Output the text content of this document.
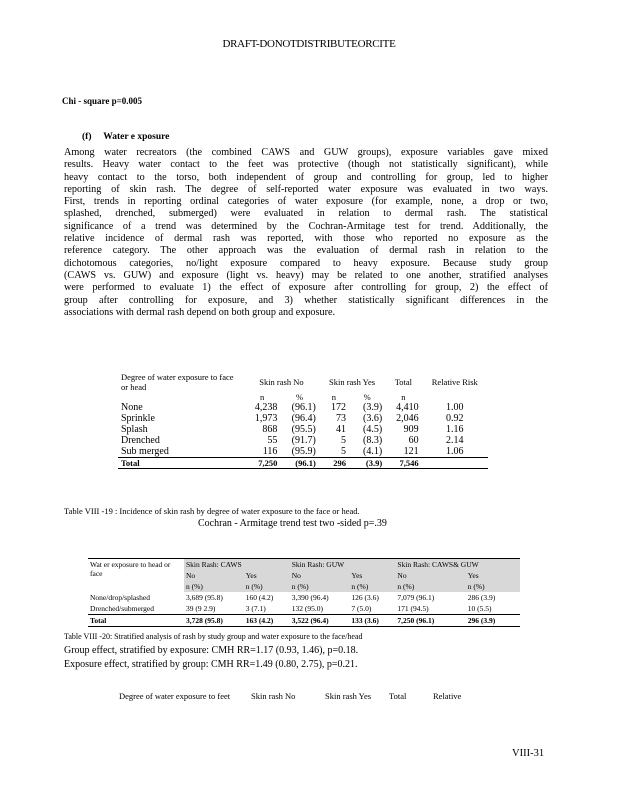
DRAFT-DONOTDISTRIBUTEORCITE
Chi - square p=0.005
(f) Water e xposure
Among water recreators (the combined CAWS and GUW groups), exposure variables gave mixed
results. Heavy water contact to the feet was protective (though not statistically significant), while
heavy contact to the torso, both independent of group and controlling for group, led to higher
reporting of skin rash. The degree of self-reported water exposure was evaluated in two ways.
First, trends in reporting ordinal categories of water exposure (for example, none, a drop or two,
splashed, drenched, submerged) were evaluated in relation to dermal rash. The statistical
significance of a trend was determined by the Cochran-Armitage test for trend. Additionally, the
relative incidence of dermal rash was reported, with those who reported no exposure as the
reference category. The other approach was the evaluation of dermal rash in relation to the
dichotomous categories, no/light exposure compared to heavy exposure. Because study group
(CAWS vs. GUW) and exposure (light vs. heavy) may be related to one another, stratified analyses
were performed to evaluate 1) the effect of exposure after controlling for group, 2) the effect of
group after controlling for exposure, and 3) whether statistically significant differences in the
associations with dermal rash depend on both group and exposure.
Degree of water exposure to face or head	Skin rash No		Skin rash Yes		Total	Relative Risk
	n	%	n	%	n	
None	4,238	(96.1)	172	(3.9)	4,410	1.00
Sprinkle	1,973	(96.4)	73	(3.6)	2,046	0.92
Splash	868	(95.5)	41	(4.5)	909	1.16
Drenched	55	(91.7)	5	(8.3)	60	2.14
Sub merged	116	(95.9)	5	(4.1)	121	1.06
Total	7,250	(96.1)	296	(3.9)	7,546	
Table VIII -19 : Incidence of skin rash by degree of water exposure to the face or head.
Cochran - Armitage trend test two -sided p=.39
Wat er exposure to head or face	Skin Rash: CAWS		Skin Rash: GUW		Skin Rash: CAWS& GUW	
	No	Yes	No	Yes	No	Yes
	n (%)	n (%)	n (%)	n (%)	n (%)	n (%)
None/drop/splashed	3,689 (95.8)	160 (4.2)	3,390 (96.4)	126 (3.6)	7,079 (96.1)	286 (3.9)
Drenched/submerged	39 (9 2.9)	3 (7.1)	132 (95.0)	7 (5.0)	171 (94.5)	10 (5.5)
Total	3,728 (95.8)	163 (4.2)	3,522 (96.4)	133 (3.6)	7,250 (96.1)	296 (3.9)
Table VIII -20: Stratified analysis of rash by study group and water exposure to the face/head
Group effect, stratified by exposure: CMH RR=1.17 (0.93, 1.46), p=0.18.
Exposure effect, stratified by group: CMH RR=1.49 (0.80, 2.75), p=0.21.
Degree of water exposure to feet	Skin rash No	Skin rash Yes	Total	Relative
VIII-31
